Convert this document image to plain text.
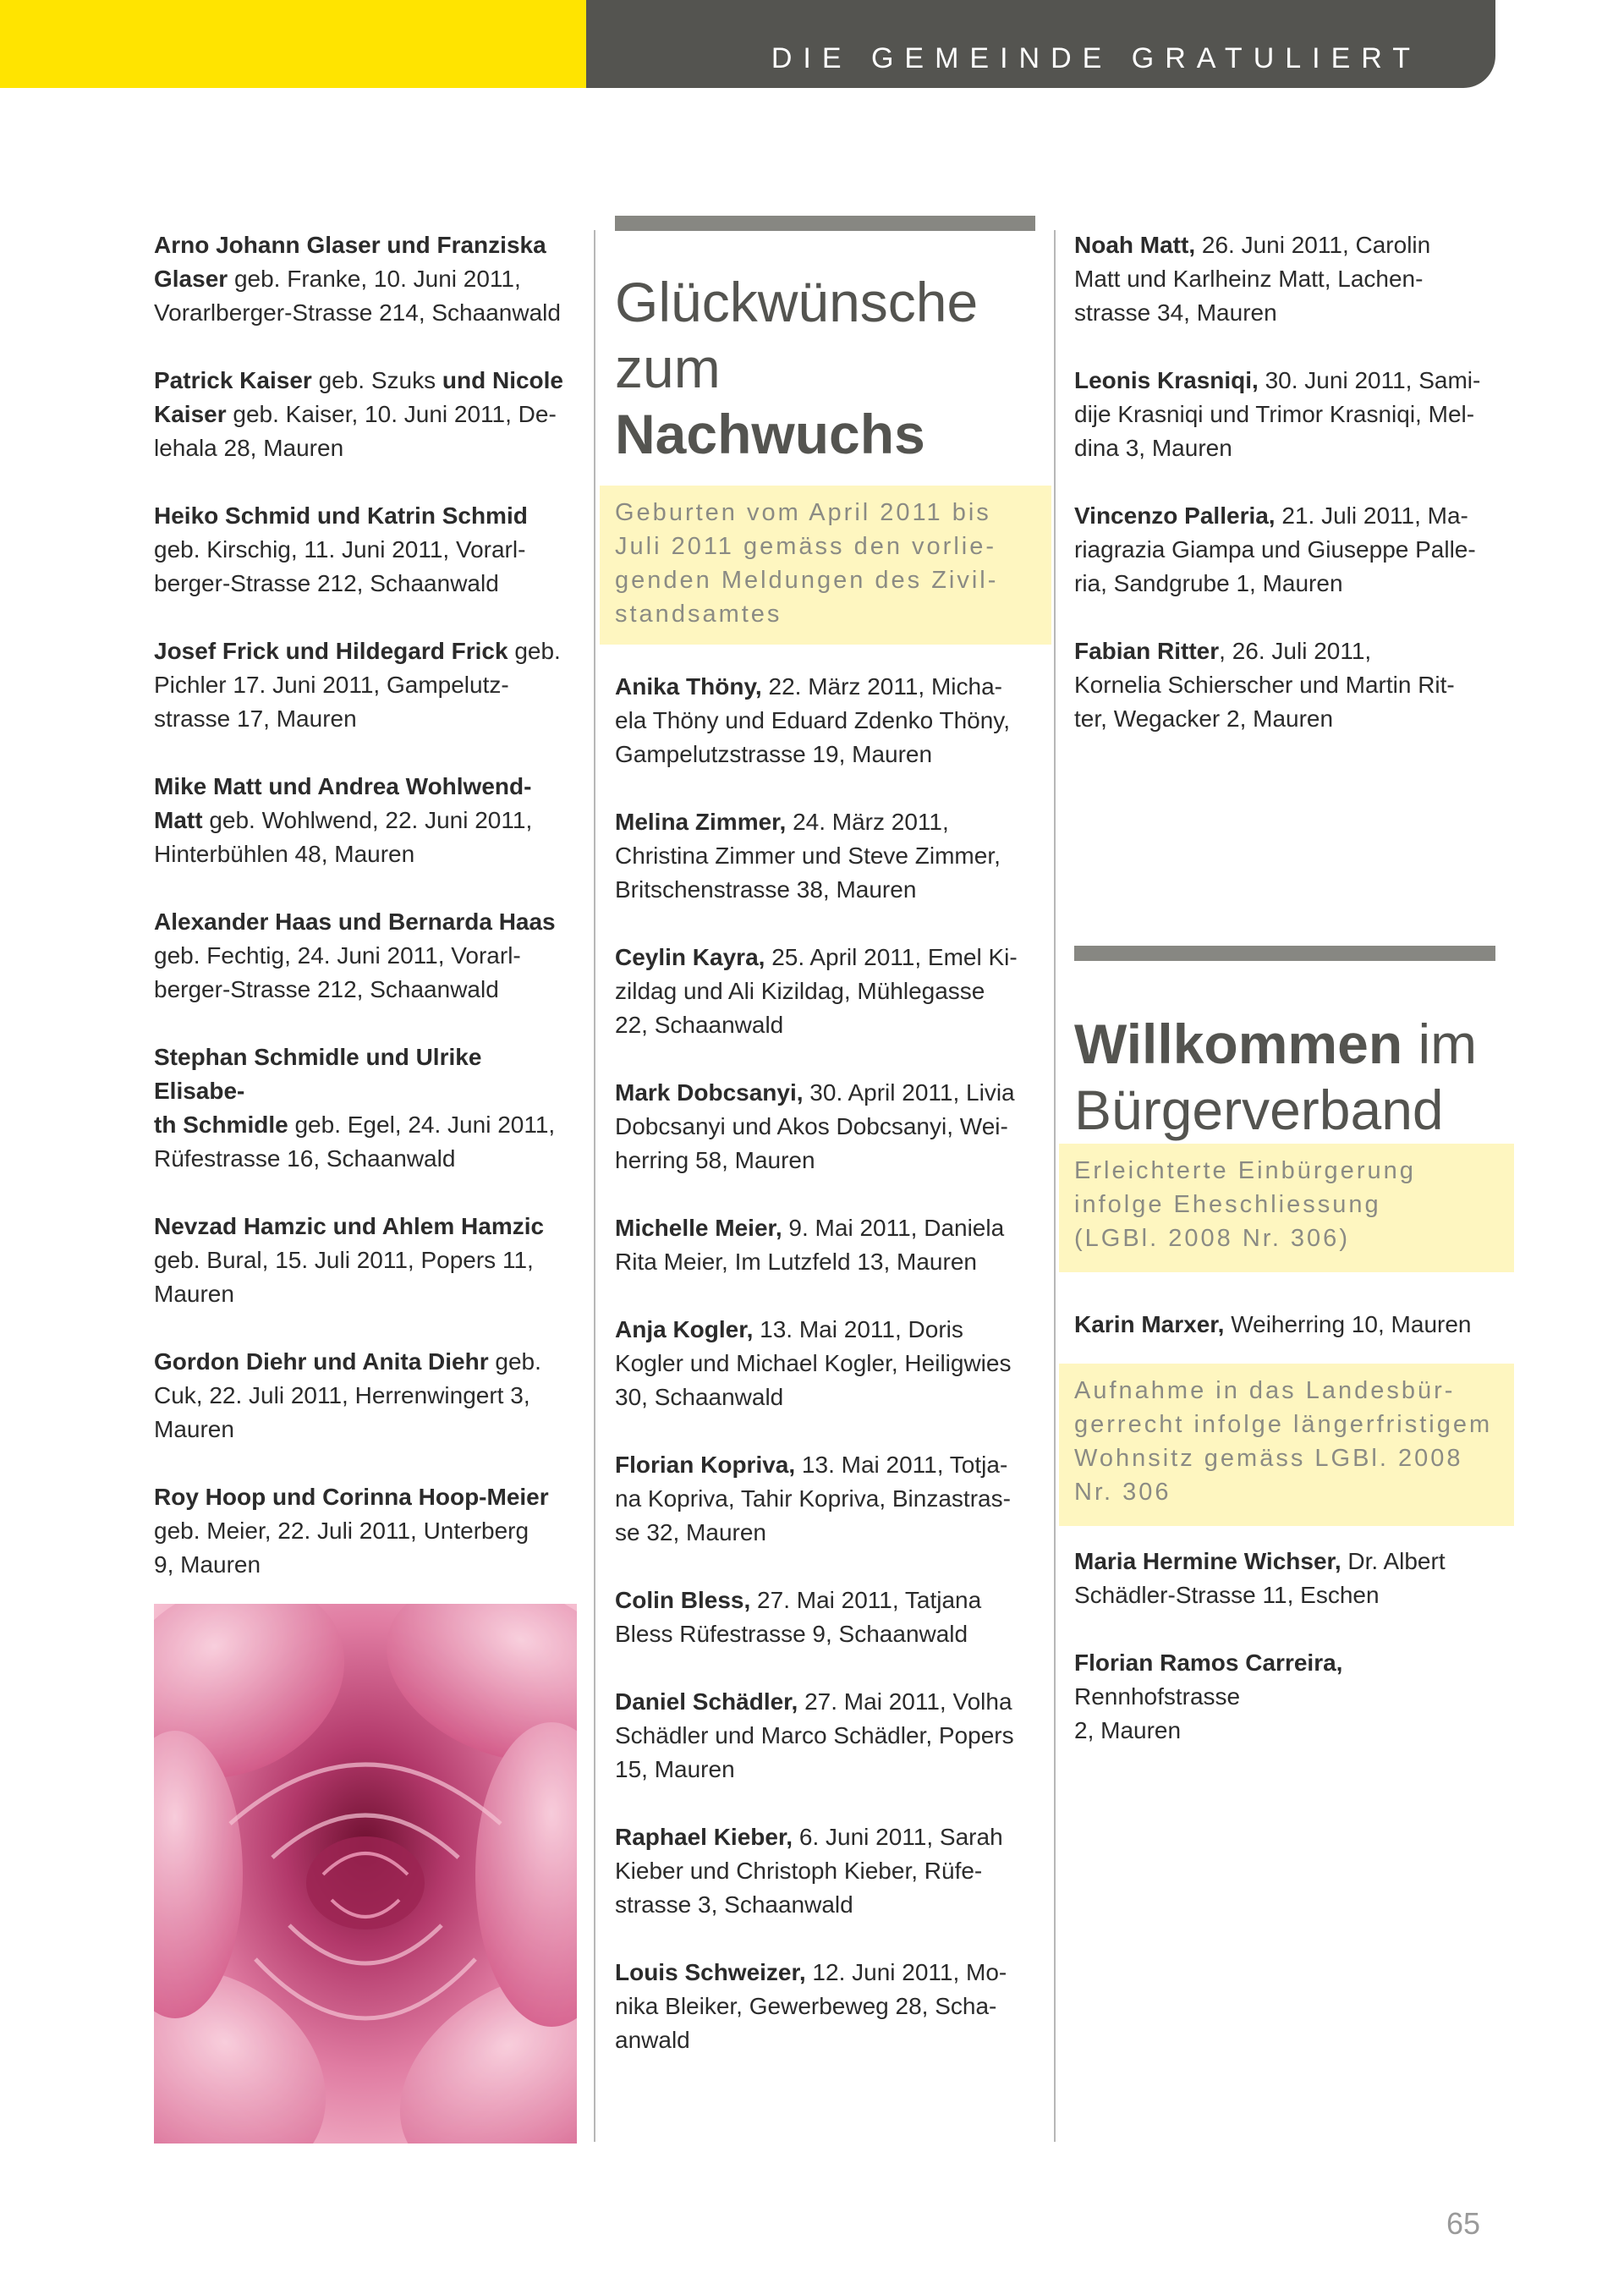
DIE GEMEINDE GRATULIERT
Arno Johann Glaser und Franziska
Glaser geb. Franke, 10. Juni 2011,
Vorarlberger-Strasse 214, Schaanwald
Patrick Kaiser geb. Szuks und Nicole
Kaiser geb. Kaiser, 10. Juni 2011, De-
lehala 28, Mauren
Heiko Schmid und Katrin Schmid
geb. Kirschig, 11. Juni 2011, Vorarl-
berger-Strasse 212, Schaanwald
Josef Frick und Hildegard Frick geb.
Pichler 17. Juni 2011, Gampelutz-
strasse 17, Mauren
Mike Matt und Andrea Wohlwend-
Matt geb. Wohlwend, 22. Juni 2011,
Hinterbühlen 48, Mauren
Alexander Haas und Bernarda Haas
geb. Fechtig, 24. Juni 2011, Vorarl-
berger-Strasse 212, Schaanwald
Stephan Schmidle und Ulrike Elisabe-
th Schmidle geb. Egel, 24. Juni 2011,
Rüfestrasse 16, Schaanwald
Nevzad Hamzic und Ahlem Hamzic
geb. Bural, 15. Juli 2011, Popers 11,
Mauren
Gordon Diehr und Anita Diehr geb.
Cuk, 22. Juli 2011, Herrenwingert 3,
Mauren
Roy Hoop und Corinna Hoop-Meier
geb. Meier, 22. Juli 2011, Unterberg
9, Mauren
Glückwünsche
zum
Nachwuchs
Geburten vom April 2011 bis
Juli 2011 gemäss den vorlie-
genden Meldungen des Zivil-
standsamtes
Anika Thöny, 22. März 2011, Micha-
ela Thöny und Eduard Zdenko Thöny,
Gampelutzstrasse 19, Mauren
Melina Zimmer, 24. März 2011,
Christina Zimmer und Steve Zimmer,
Britschenstrasse 38, Mauren
Ceylin Kayra, 25. April 2011, Emel Ki-
zildag und Ali Kizildag, Mühlegasse
22, Schaanwald
Mark Dobcsanyi, 30. April 2011, Livia
Dobcsanyi und Akos Dobcsanyi, Wei-
herring 58, Mauren
Michelle Meier, 9. Mai 2011, Daniela
Rita Meier, Im Lutzfeld 13, Mauren
Anja Kogler, 13. Mai 2011, Doris
Kogler und Michael Kogler, Heiligwies
30, Schaanwald
Florian Kopriva, 13. Mai 2011, Totja-
na Kopriva, Tahir Kopriva, Binzastras-
se 32, Mauren
Colin Bless, 27. Mai 2011, Tatjana
Bless Rüfestrasse 9, Schaanwald
Daniel Schädler, 27. Mai 2011, Volha
Schädler und Marco Schädler, Popers
15, Mauren
Raphael Kieber, 6. Juni 2011, Sarah
Kieber und Christoph Kieber, Rüfe-
strasse 3, Schaanwald
Louis Schweizer, 12. Juni 2011, Mo-
nika Bleiker, Gewerbeweg 28, Scha-
anwald
Noah Matt, 26. Juni 2011, Carolin
Matt und Karlheinz Matt, Lachen-
strasse 34, Mauren
Leonis Krasniqi, 30. Juni 2011, Sami-
dije Krasniqi und Trimor Krasniqi, Mel-
dina 3, Mauren
Vincenzo Palleria, 21. Juli 2011, Ma-
riagrazia Giampa und Giuseppe Palle-
ria, Sandgrube 1, Mauren
Fabian Ritter, 26. Juli 2011,
Kornelia Schierscher und Martin Rit-
ter, Wegacker 2, Mauren
Willkommen im
Bürgerverband
Erleichterte Einbürgerung
infolge Eheschliessung
(LGBl. 2008 Nr. 306)
Karin Marxer, Weiherring 10, Mauren
Aufnahme in das Landesbür-
gerrecht infolge längerfristigem
Wohnsitz gemäss LGBl. 2008
Nr. 306
Maria Hermine Wichser, Dr. Albert
Schädler-Strasse 11, Eschen
Florian Ramos Carreira, Rennhofstrasse
2, Mauren
65
